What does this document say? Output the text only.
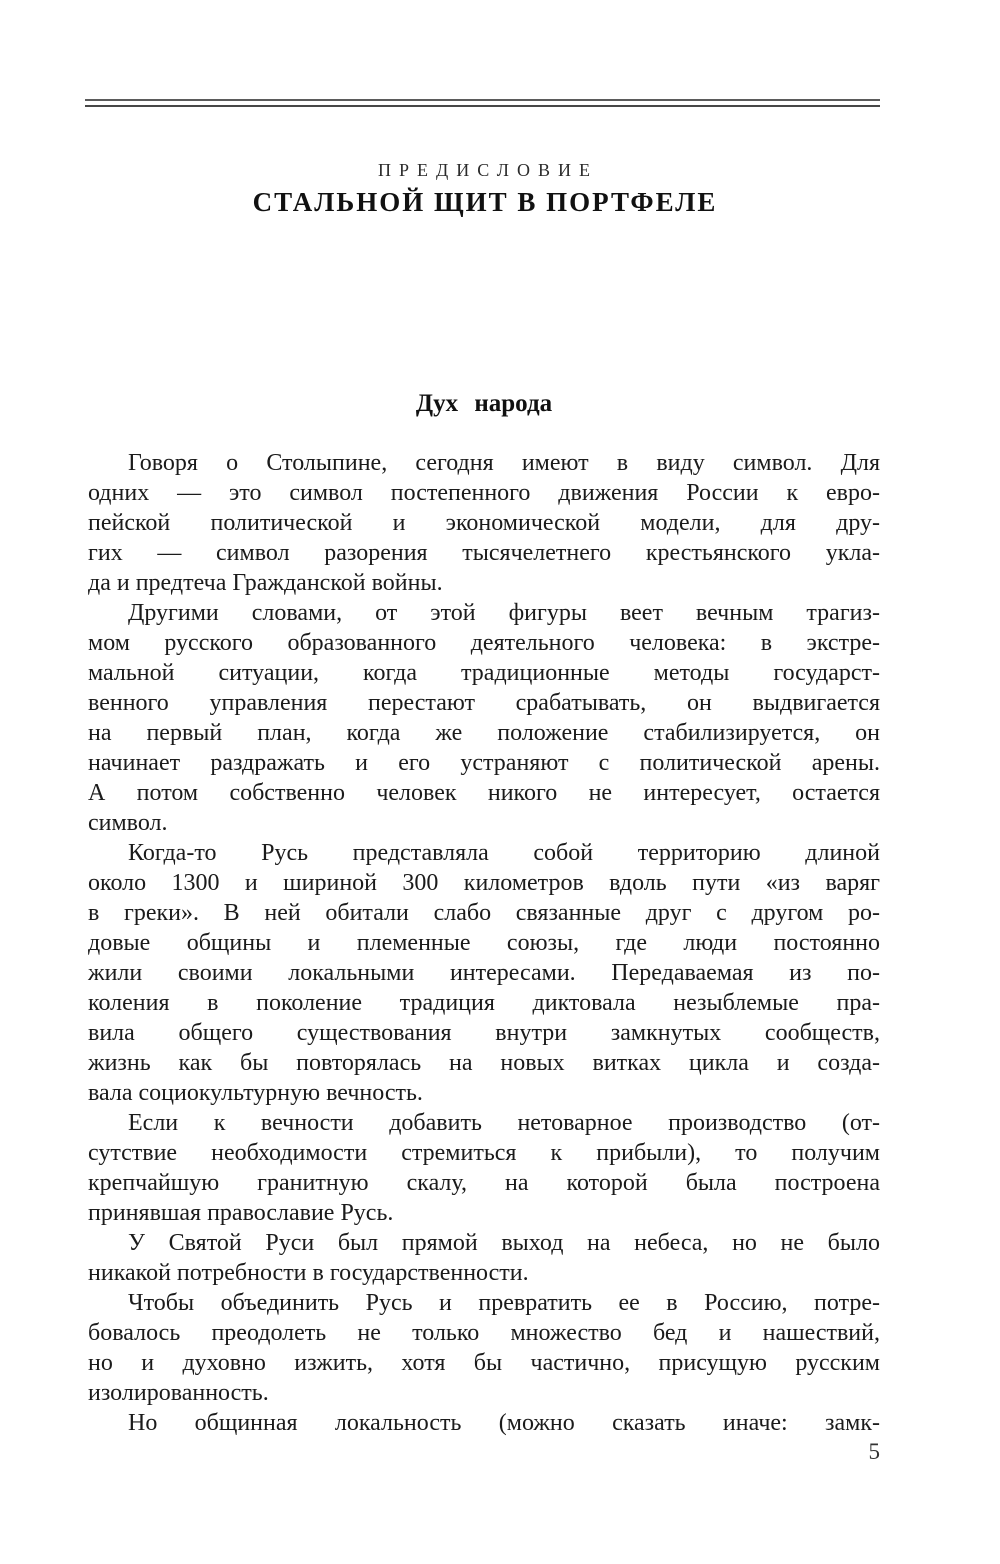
ПРЕДИСЛОВИЕ
СТАЛЬНОЙ ЩИТ В ПОРТФЕЛЕ
Дух народа

Говоря о Столыпине, сегодня имеют в виду символ. Для
одних — это символ постепенного движения России к евро-
пейской политической и экономической модели, для дру-
гих — символ разорения тысячелетнего крестьянского укла-
да и предтеча Гражданской войны.

Другими словами, от этой фигуры веет вечным трагиз-
мом русского образованного деятельного человека: в экстре-
мальной ситуации, когда традиционные методы государст-
венного управления перестают срабатывать, он выдвигается
на первый план, когда же положение стабилизируется, он
начинает раздражать и его устраняют с политической арены.
А потом собственно человек никого не интересует, остается
символ.

Когда-то Русь представляла собой территорию длиной
около 1300 и шириной 300 километров вдоль пути «из варяг
в греки». В ней обитали слабо связанные друг с другом ро-
довые общины и племенные союзы, где люди постоянно
жили своими локальными интересами. Передаваемая из по-
коления в поколение традиция диктовала незыблемые пра-
вила общего существования внутри замкнутых сообществ,
жизнь как бы повторялась на новых витках цикла и созда-
вала социокультурную вечность.

Если к вечности добавить нетоварное производство (от-
сутствие необходимости стремиться к прибыли), то получим
крепчайшую гранитную скалу, на которой была построена
принявшая православие Русь.

У Святой Руси был прямой выход на небеса, но не было
никакой потребности в государственности.

Чтобы объединить Русь и превратить ее в Россию, потре-
бовалось преодолеть не только множество бед и нашествий,
но и духовно изжить, хотя бы частично, присущую русским
изолированность.

Но общинная локальность (можно сказать иначе: замк-

5
